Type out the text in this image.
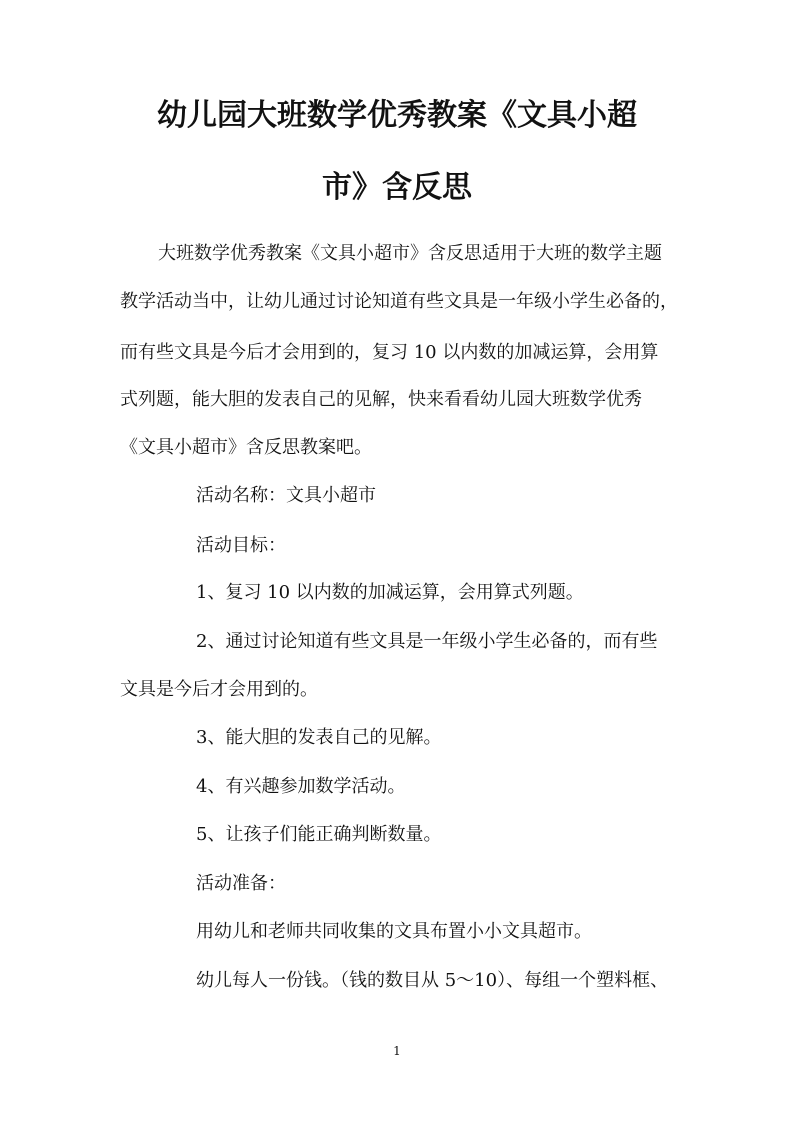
幼儿园大班数学优秀教案《文具小超
市》含反思
大班数学优秀教案《文具小超市》含反思适用于大班的数学主题
教学活动当中，让幼儿通过讨论知道有些文具是一年级小学生必备的，
而有些文具是今后才会用到的，复习 10 以内数的加减运算，会用算
式列题，能大胆的发表自己的见解，快来看看幼儿园大班数学优秀
《文具小超市》含反思教案吧。
活动名称：文具小超市
活动目标：
1、复习 10 以内数的加减运算，会用算式列题。
2、通过讨论知道有些文具是一年级小学生必备的，而有些
文具是今后才会用到的。
3、能大胆的发表自己的见解。
4、有兴趣参加数学活动。
5、让孩子们能正确判断数量。
活动准备：
用幼儿和老师共同收集的文具布置小小文具超市。
幼儿每人一份钱。（钱的数目从 5～10）、每组一个塑料框、
1
